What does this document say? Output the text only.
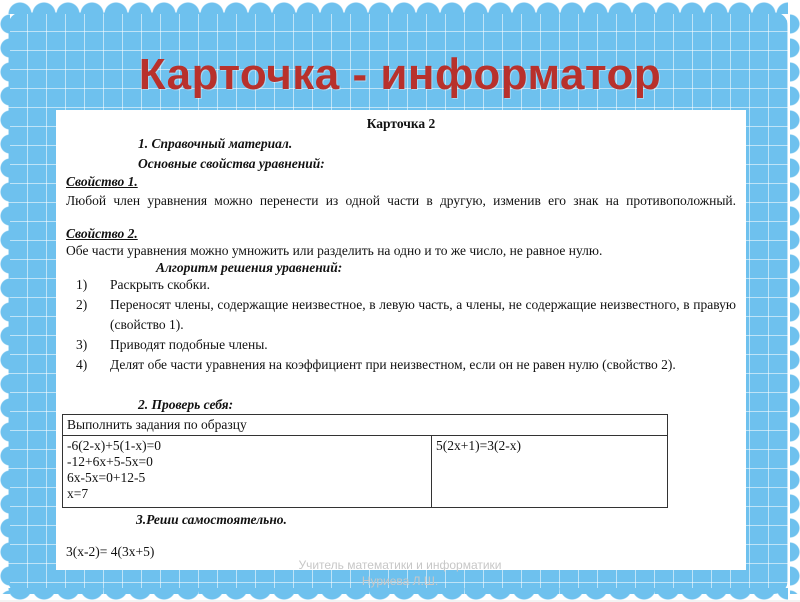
Карточка - информатор
Карточка 2
1. Справочный материал.
Основные свойства уравнений:
Свойство 1.
Любой член уравнения можно перенести из одной части в другую, изменив его знак на противоположный.
Свойство 2.
Обе части уравнения можно умножить или разделить на одно и то же число, не равное нулю.
Алгоритм решения уравнений:
1) Раскрыть скобки.
2) Переносят члены, содержащие неизвестное, в левую часть, а члены, не содержащие неизвестного, в правую (свойство 1).
3) Приводят подобные члены.
4) Делят обе части уравнения на коэффициент при неизвестном, если он не равен нулю (свойство 2).
2. Проверь себя:
Выполнить задания по образцу

-6(2-x)+5(1-x)=0
-12+6x+5-5x=0
6x-5x=0+12-5
x=7
	5(2x+1)=3(2-x)
3.Реши самостоятельно.
3(x-2)= 4(3x+5)
Учитель математики и информатики
Нуриева Л.Ш.
